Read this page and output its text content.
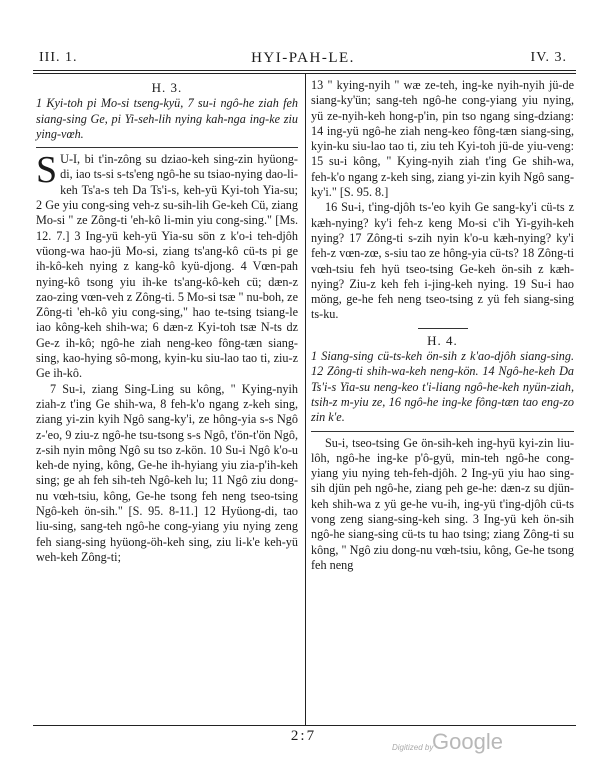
III. 1.	HYI-PAH-LE.	IV. 3.
H. 3.

1 Kyi-toh pi Mo-si tseng-kyü, 7 su-i ngô-he ziah feh siang-sing Ge, pi Yi-seh-lih nying kah-nga ing-ke ziu ying-vœh.

S U-I, bi t'in-zông su dziao-keh sing-zin hyüong-di, iao ts-si s-ts'eng ngô-he su tsiao-nying dao-li-keh Ts'a-s teh Da Ts'i-s, keh-yü Kyi-toh Yia-su; 2 Ge yiu cong-sing veh-z su-sih-lih Ge-keh Cü, ziang Mo-si " ze Zông-ti 'eh-kô li-min yiu cong-sing." [Ms. 12. 7.] 3 Ing-yü keh-yü Yia-su sön z k'o-i teh-djôh vüong-wa hao-jü Mo-si, ziang ts'ang-kô cü-ts pi ge ih-kô-keh nying z kang-kô kyü-djong. 4 Vœn-pah nying-kô tsong yiu ih-ke ts'ang-kô-keh cü; dæn-z zao-zing vœn-veh z Zông-ti. 5 Mo-si tsæ " nu-boh, ze Zông-ti 'eh-kô yiu cong-sing," hao te-tsing tsiang-le iao kông-keh shih-wa; 6 dæn-z Kyi-toh tsæ N-ts dz Ge-z ih-kô; ngô-he ziah neng-keo fông-tæn siang-sing, kao-hying sô-mong, kyin-ku siu-lao tao ti, ziu-z Ge ih-kô.

7 Su-i, ziang Sing-Ling su kông, " Kying-nyih ziah-z t'ing Ge shih-wa, 8 feh-k'o ngang z-keh sing, ziang yi-zin kyih Ngô sang-ky'i, ze hông-yia s-s Ngô z-'eo, 9 ziu-z ngô-he tsu-tsong s-s Ngô, t'ön-t'ön Ngô, z-sih nyin mông Ngô su tso z-kön. 10 Su-i Ngô k'o-u keh-de nying, kông, Ge-he ih-hyiang yiu zia-p'ih-keh sing; ge ah feh sih-teh Ngô-keh lu; 11 Ngô ziu dong-nu vœh-tsiu, kông, Ge-he tsong feh neng tseo-tsing Ngô-keh ön-sih." [S. 95. 8-11.] 12 Hyüong-di, tao liu-sing, sang-teh ngô-he cong-yiang yiu nying zeng feh siang-sing hyüong-öh-keh sing, ziu li-k'e keh-yü weh-keh Zông-ti;

13 " kying-nyih " wæ ze-teh, ing-ke nyih-nyih jü-de siang-ky'ün; sang-teh ngô-he cong-yiang yiu nying, yü ze-nyih-keh hong-p'in, pin tso ngang sing-dziang: 14 ing-yü ngô-he ziah neng-keo fông-tæn siang-sing, kyin-ku siu-lao tao ti, ziu teh Kyi-toh jü-de yiu-veng: 15 su-i kông, " Kying-nyih ziah t'ing Ge shih-wa, feh-k'o ngang z-keh sing, ziang yi-zin kyih Ngô sang-ky'i." [S. 95. 8.]

16 Su-i, t'ing-djôh ts-'eo kyih Ge sang-ky'i cü-ts z kæh-nying? ky'i feh-z keng Mo-si c'ih Yi-gyih-keh nying? 17 Zông-ti s-zih nyin k'o-u kæh-nying? ky'i feh-z vœn-zœ, s-siu tao ze hông-yia cü-ts? 18 Zông-ti vœh-tsiu feh hyü tseo-tsing Ge-keh ön-sih z kæh-nying? Ziu-z keh feh i-jing-keh nying. 19 Su-i hao möng, ge-he feh neng tseo-tsing z yü feh siang-sing ts-ku.

H. 4.

1 Siang-sing cü-ts-keh ön-sih z k'ao-djôh siang-sing. 12 Zông-ti shih-wa-keh neng-kön. 14 Ngô-he-keh Da Ts'i-s Yia-su neng-keo t'i-liang ngô-he-keh nyün-ziah, tsih-z m-yiu ze, 16 ngô-he ing-ke fông-tæn tao eng-zo zin k'e.

Su-i, tseo-tsing Ge ön-sih-keh ing-hyü kyi-zin liu-lôh, ngô-he ing-ke p'ô-gyü, min-teh ngô-he cong-yiang yiu nying teh-feh-djôh. 2 Ing-yü yiu hao sing-sih djün peh ngô-he, ziang peh ge-he: dæn-z su djün-keh shih-wa z yü ge-he vu-ih, ing-yü t'ing-djôh cü-ts vong zeng siang-sing-keh sing. 3 Ing-yü keh ön-sih ngô-he siang-sing cü-ts tu hao tsing; ziang Zông-ti su kông, " Ngô ziu dong-nu vœh-tsiu, kông, Ge-he tsong feh neng

2:7
Digitized by
Google
